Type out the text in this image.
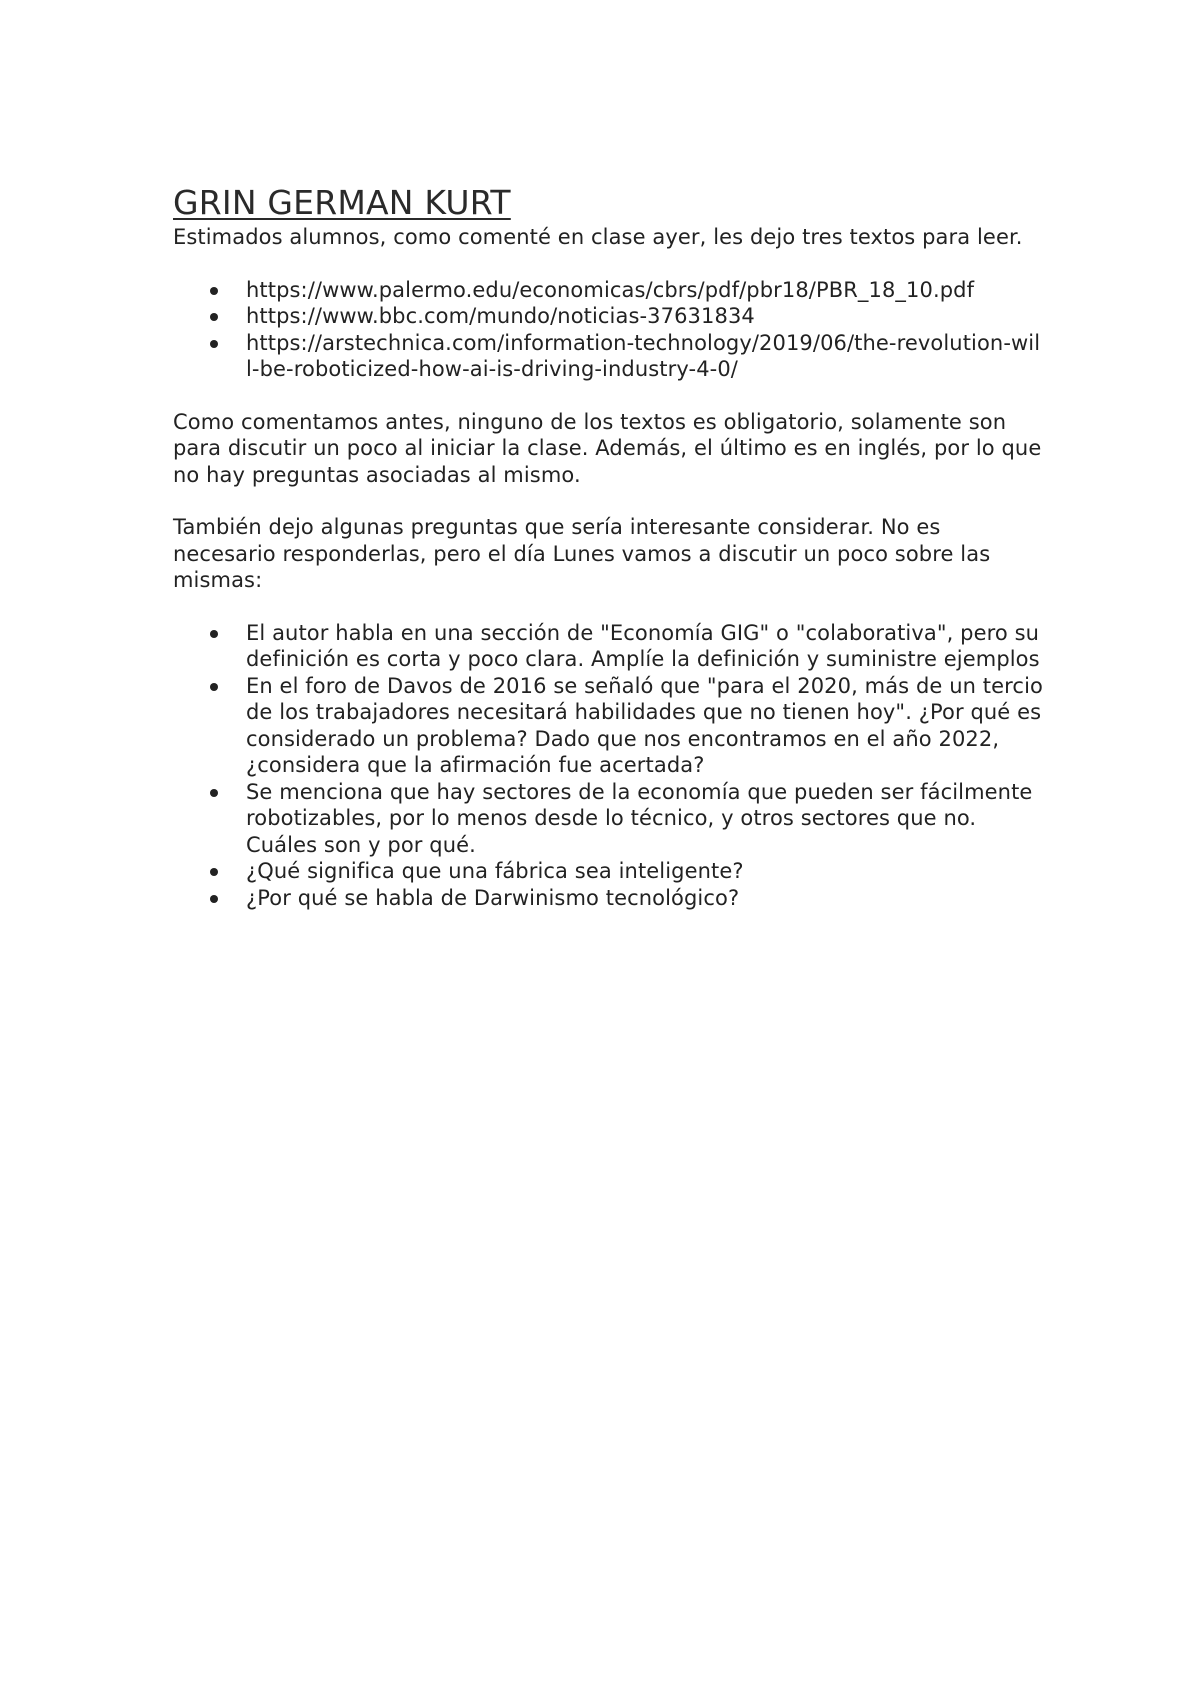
GRIN GERMAN KURT

Estimados alumnos, como comenté en clase ayer, les dejo tres textos para leer.

https://www.palermo.edu/economicas/cbrs/pdf/pbr18/PBR_18_10.pdf
https://www.bbc.com/mundo/noticias-37631834
https://arstechnica.com/information-technology/2019/06/the-revolution-will-be-roboticized-how-ai-is-driving-industry-4-0/

Como comentamos antes, ninguno de los textos es obligatorio, solamente son para discutir un poco al iniciar la clase. Además, el último es en inglés, por lo que no hay preguntas asociadas al mismo.

También dejo algunas preguntas que sería interesante considerar. No es necesario responderlas, pero el día Lunes vamos a discutir un poco sobre las mismas:

El autor habla en una sección de "Economía GIG" o "colaborativa", pero su definición es corta y poco clara. Amplíe la definición y suministre ejemplos
En el foro de Davos de 2016 se señaló que "para el 2020, más de un tercio de los trabajadores necesitará habilidades que no tienen hoy". ¿Por qué es considerado un problema? Dado que nos encontramos en el año 2022, ¿considera que la afirmación fue acertada?
Se menciona que hay sectores de la economía que pueden ser fácilmente robotizables, por lo menos desde lo técnico, y otros sectores que no. Cuáles son y por qué.
¿Qué significa que una fábrica sea inteligente?
¿Por qué se habla de Darwinismo tecnológico?
